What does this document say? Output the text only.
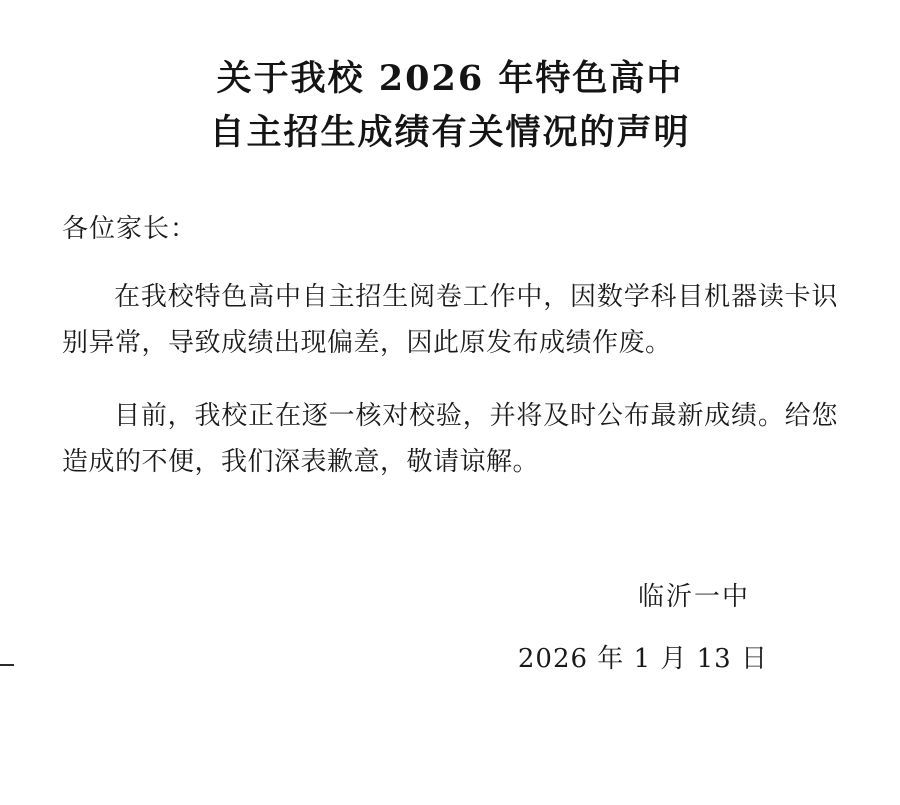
关于我校 2026 年特色高中
自主招生成绩有关情况的声明
各位家长：

在我校特色高中自主招生阅卷工作中，因数学科目机器读卡识别异常，导致成绩出现偏差，因此原发布成绩作废。

目前，我校正在逐一核对校验，并将及时公布最新成绩。给您造成的不便，我们深表歉意，敬请谅解。

临沂一中
2026 年 1 月 13 日
